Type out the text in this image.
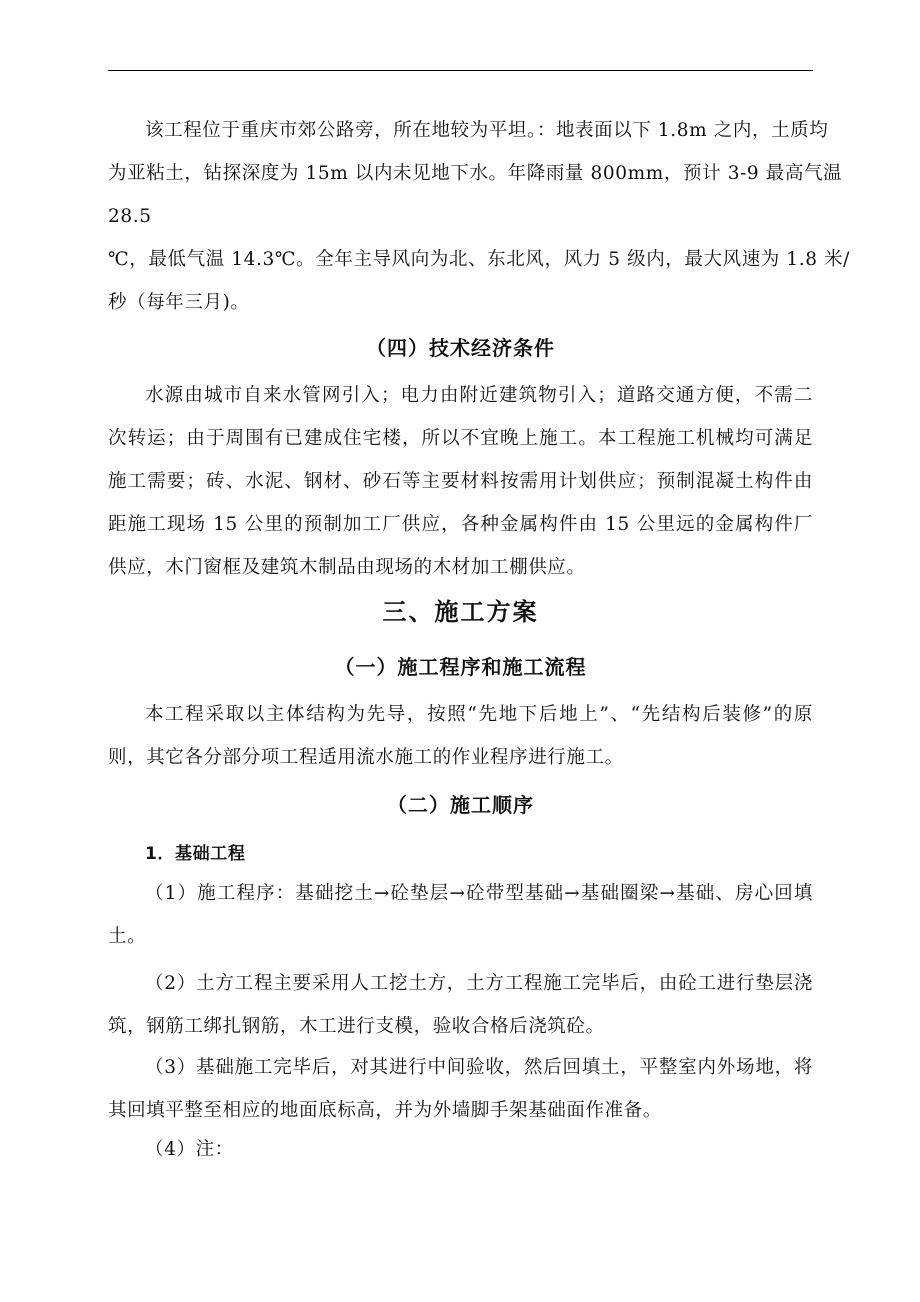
该工程位于重庆市郊公路旁，所在地较为平坦。：地表面以下 1.8m 之内，土质均

为亚粘土，钻探深度为 15m 以内未见地下水。年降雨量 800mm，预计 3-9 最高气温

28.5

℃，最低气温 14.3℃。全年主导风向为北、东北风，风力 5 级内，最大风速为 1.8 米/

秒（每年三月)。

（四）技术经济条件

水源由城市自来水管网引入；电力由附近建筑物引入；道路交通方便，不需二次转运；由于周围有已建成住宅楼，所以不宜晚上施工。本工程施工机械均可满足施工需要；砖、水泥、钢材、砂石等主要材料按需用计划供应；预制混凝土构件由距施工现场 15 公里的预制加工厂供应，各种金属构件由 15 公里远的金属构件厂供应，木门窗框及建筑木制品由现场的木材加工棚供应。

三、施工方案
（一）施工程序和施工流程

本工程采取以主体结构为先导，按照“先地下后地上”、“先结构后装修”的原则，其它各分部分项工程适用流水施工的作业程序进行施工。

（二）施工顺序

1．基础工程

（1）施工程序：基础挖土→砼垫层→砼带型基础→基础圈梁→基础、房心回填土。

（2）土方工程主要采用人工挖土方，土方工程施工完毕后，由砼工进行垫层浇筑，钢筋工绑扎钢筋，木工进行支模，验收合格后浇筑砼。

（3）基础施工完毕后，对其进行中间验收，然后回填土，平整室内外场地，将其回填平整至相应的地面底标高，并为外墙脚手架基础面作准备。

（4）注：
